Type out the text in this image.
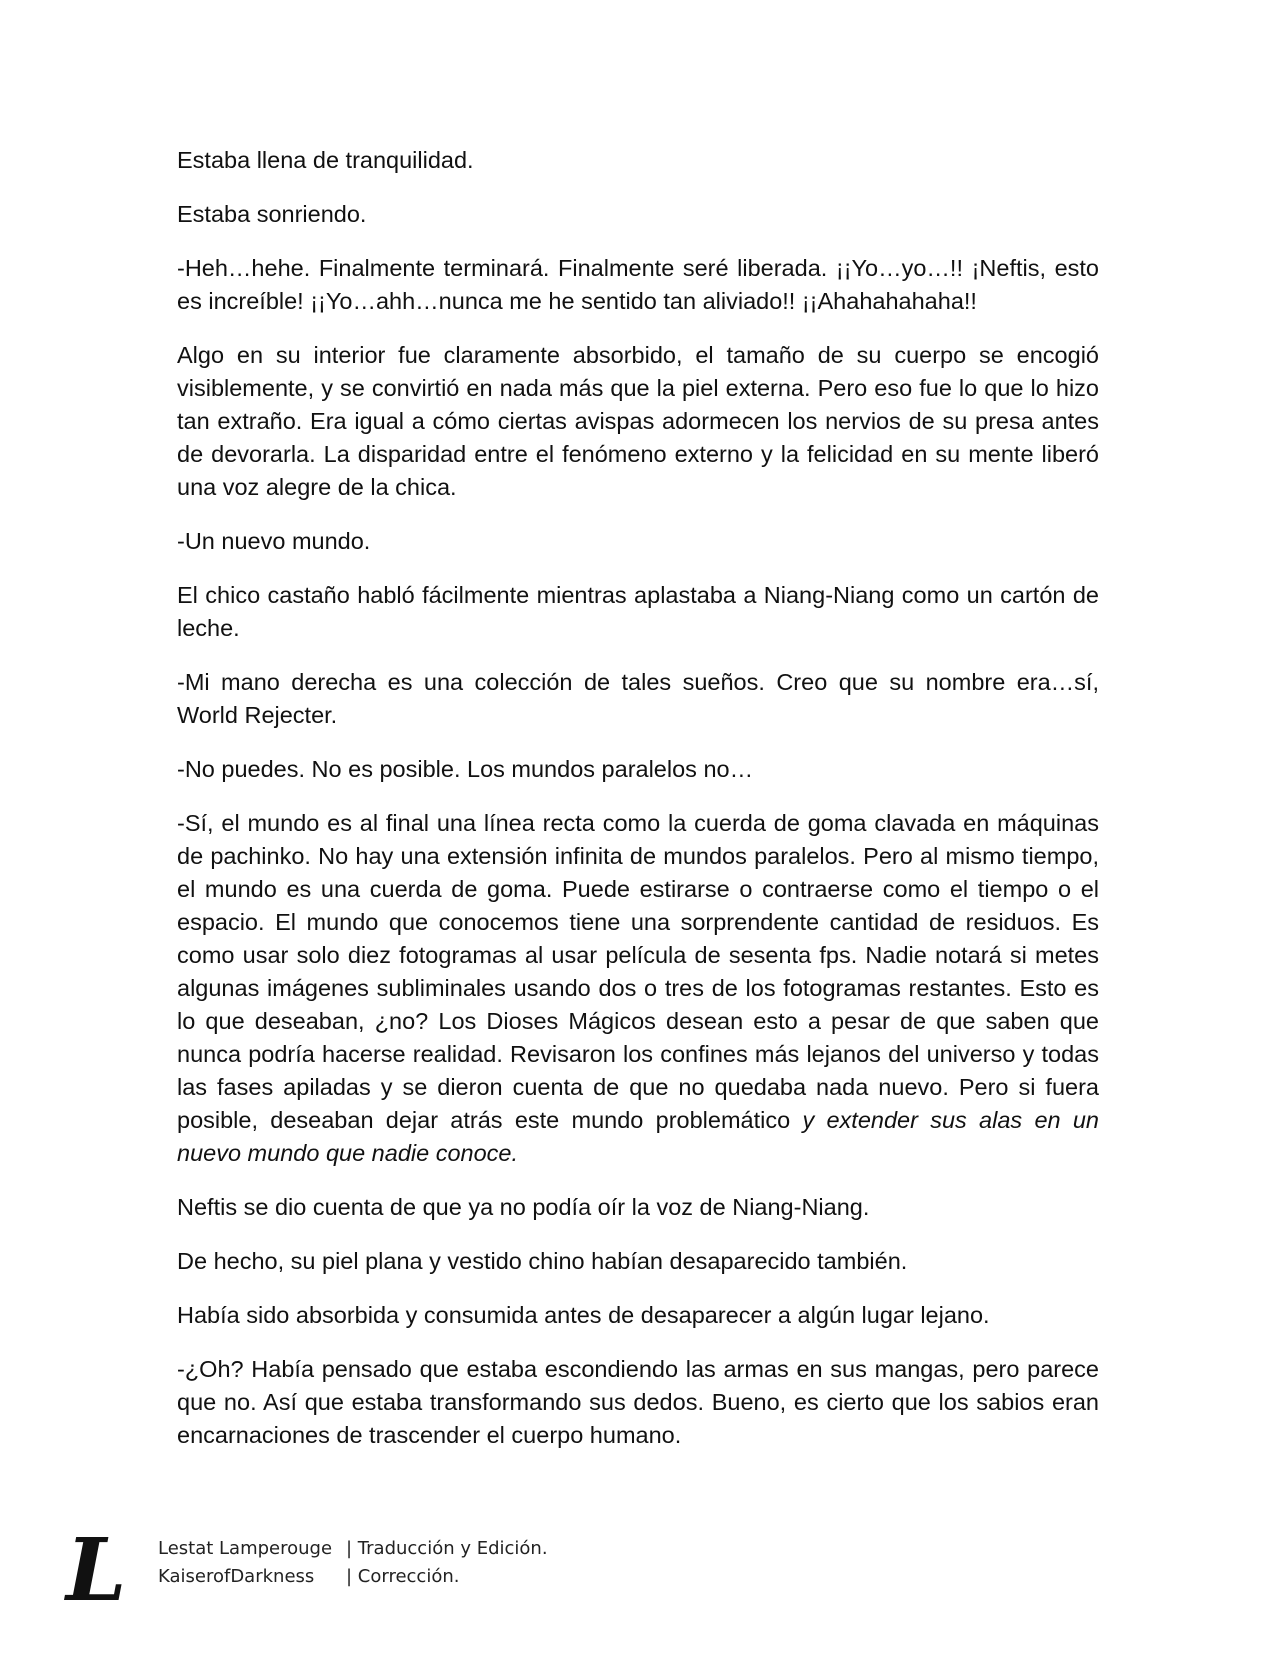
Estaba llena de tranquilidad.

Estaba sonriendo.

-Heh…hehe. Finalmente terminará. Finalmente seré liberada. ¡¡Yo…yo…!! ¡Neftis, esto es increíble! ¡¡Yo…ahh…nunca me he sentido tan aliviado!! ¡¡Ahahahahaha!!

Algo en su interior fue claramente absorbido, el tamaño de su cuerpo se encogió visiblemente, y se convirtió en nada más que la piel externa. Pero eso fue lo que lo hizo tan extraño. Era igual a cómo ciertas avispas adormecen los nervios de su presa antes de devorarla. La disparidad entre el fenómeno externo y la felicidad en su mente liberó una voz alegre de la chica.

-Un nuevo mundo.

El chico castaño habló fácilmente mientras aplastaba a Niang-Niang como un cartón de leche.

-Mi mano derecha es una colección de tales sueños. Creo que su nombre era…sí, World Rejecter.

-No puedes. No es posible. Los mundos paralelos no…

-Sí, el mundo es al final una línea recta como la cuerda de goma clavada en máquinas de pachinko. No hay una extensión infinita de mundos paralelos. Pero al mismo tiempo, el mundo es una cuerda de goma. Puede estirarse o contraerse como el tiempo o el espacio. El mundo que conocemos tiene una sorprendente cantidad de residuos. Es como usar solo diez fotogramas al usar película de sesenta fps. Nadie notará si metes algunas imágenes subliminales usando dos o tres de los fotogramas restantes. Esto es lo que deseaban, ¿no? Los Dioses Mágicos desean esto a pesar de que saben que nunca podría hacerse realidad. Revisaron los confines más lejanos del universo y todas las fases apiladas y se dieron cuenta de que no quedaba nada nuevo. Pero si fuera posible, deseaban dejar atrás este mundo problemático y extender sus alas en un nuevo mundo que nadie conoce.

Neftis se dio cuenta de que ya no podía oír la voz de Niang-Niang.

De hecho, su piel plana y vestido chino habían desaparecido también.

Había sido absorbida y consumida antes de desaparecer a algún lugar lejano.

-¿Oh? Había pensado que estaba escondiendo las armas en sus mangas, pero parece que no. Así que estaba transformando sus dedos. Bueno, es cierto que los sabios eran encarnaciones de trascender el cuerpo humano.

L Lestat Lamperouge | Traducción y Edición.
KaiserofDarkness | Corrección.
